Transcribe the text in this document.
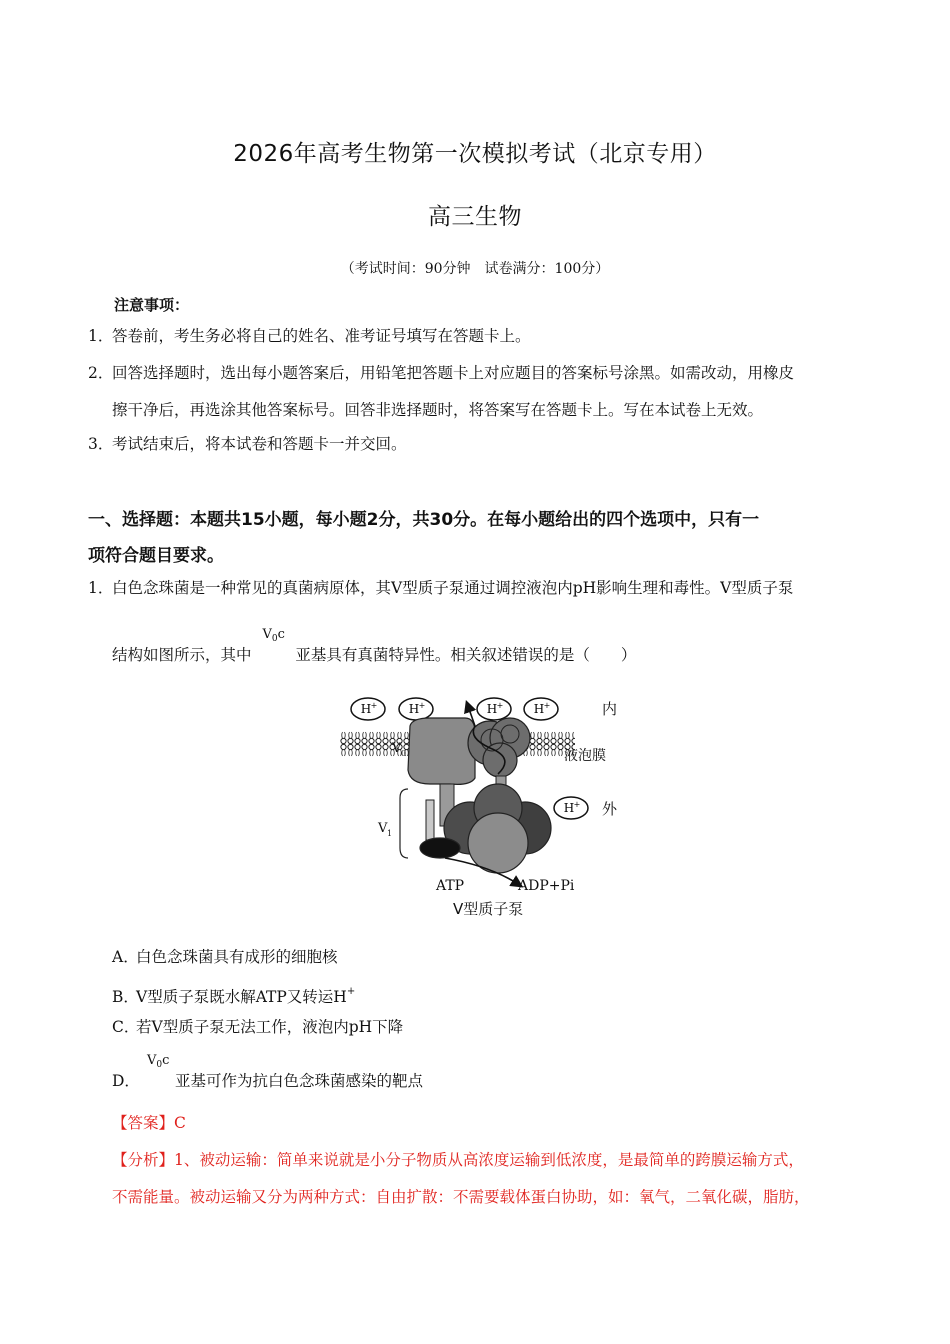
2026年高考生物第一次模拟考试（北京专用）
高三生物
（考试时间：90分钟　试卷满分：100分）
注意事项：
1．答卷前，考生务必将自己的姓名、准考证号填写在答题卡上。
2．回答选择题时，选出每小题答案后，用铅笔把答题卡上对应题目的答案标号涂黑。如需改动，用橡皮
擦干净后，再选涂其他答案标号。回答非选择题时，将答案写在答题卡上。写在本试卷上无效。
3．考试结束后，将本试卷和答题卡一并交回。
一、选择题：本题共15小题，每小题2分，共30分。在每小题给出的四个选项中，只有一
项符合题目要求。
1．白色念珠菌是一种常见的真菌病原体，其V型质子泵通过调控液泡内pH影响生理和毒性。V型质子泵
结构如图所示，其中
$V_0c$
亚基具有真菌特异性。相关叙述错误的是（　　）
H +	H +	H +	H +
H +
内
液泡膜
外
V 0
V 1
ATP	ADP+Pi
V型质子泵
A．白色念珠菌具有成形的细胞核
B．V型质子泵既水解ATP又转运H+
C．若V型质子泵无法工作，液泡内pH下降
D．
$V_0c$
亚基可作为抗白色念珠菌感染的靶点
【答案】C
【分析】1、被动运输：简单来说就是小分子物质从高浓度运输到低浓度，是最简单的跨膜运输方式，
不需能量。被动运输又分为两种方式：自由扩散：不需要载体蛋白协助，如：氧气，二氧化碳，脂肪，
